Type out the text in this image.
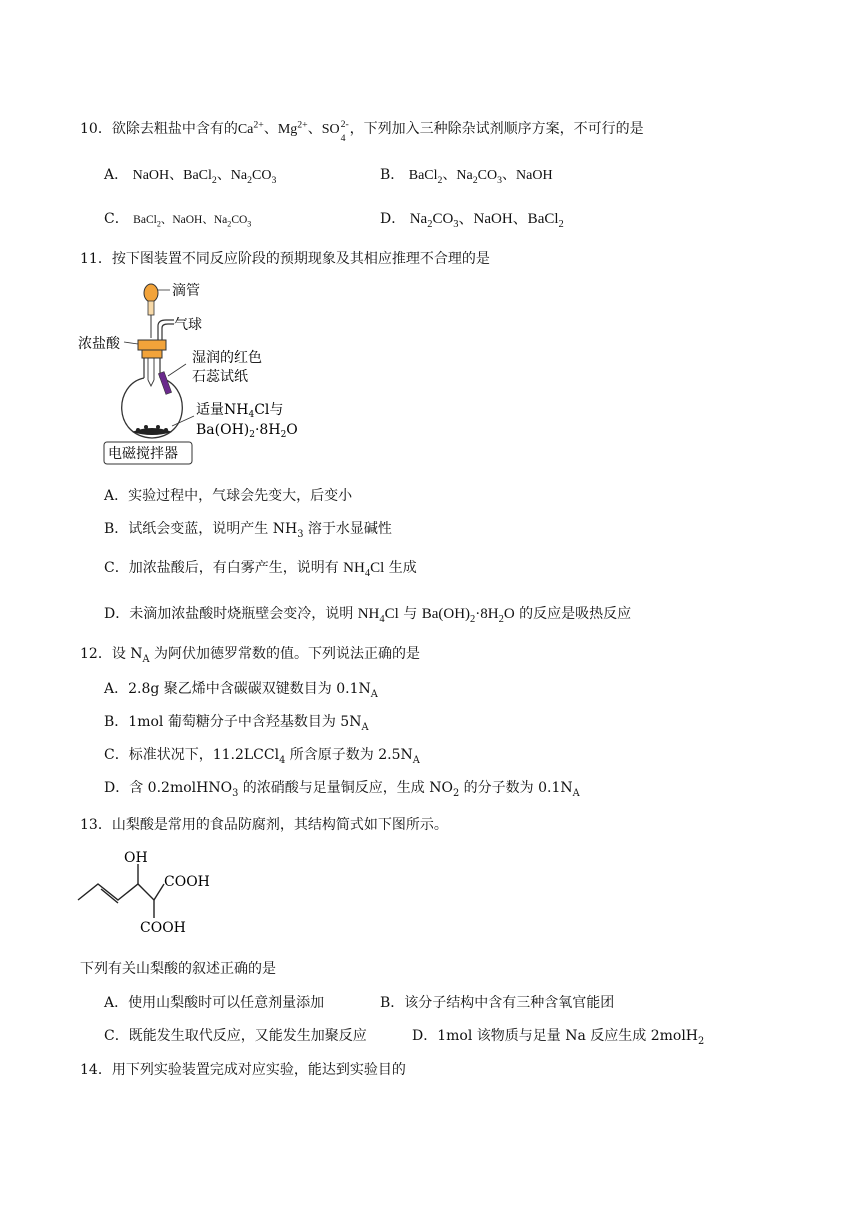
10．欲除去粗盐中含有的$Ca^{2+}$、$Mg^{2+}$、SO 2-
4
，下列加入三种除杂试剂顺序方案，不可行的是
A． NaOH、BaCl$_2$、$Na_2CO_3$	B． BaCl$_2$、$Na_2CO_3$、NaOH
C． BaCl$_2$、NaOH、$Na_2CO_3$	D． $Na_2CO_3$、NaOH、BaCl$_2$
11．按下图装置不同反应阶段的预期现象及其相应推理不合理的是
滴管
气球
浓盐酸
湿润的红色
石蕊试纸
适量$NH_4Cl$与
$Ba(OH)_2\cdot 8H_2O$
电磁搅拌器
A．实验过程中，气球会先变大，后变小
B．试纸会变蓝，说明产生 $NH_3$ 溶于水显碱性
C．加浓盐酸后，有白雾产生，说明有 $NH_4Cl$ 生成
D．未滴加浓盐酸时烧瓶壁会变冷，说明 $NH_4Cl$ 与 $Ba(OH)_2\cdot 8H_2O$ 的反应是吸热反应
12．设 $N_A$ 为阿伏加德罗常数的值。下列说法正确的是
A．2.8g 聚乙烯中含碳碳双键数目为 $0.1N_A$
B．1mol 葡萄糖分子中含羟基数目为 $5N_A$
C．标准状况下，11.2LCCl$_4$ 所含原子数为 $2.5N_A$
D．含 0.2molHNO$_3$ 的浓硝酸与足量铜反应，生成 $NO_2$ 的分子数为 $0.1N_A$
13．山梨酸是常用的食品防腐剂，其结构简式如下图所示。
OH
COOH
COOH
下列有关山梨酸的叙述正确的是
A．使用山梨酸时可以任意剂量添加	B．该分子结构中含有三种含氧官能团
C．既能发生取代反应，又能发生加聚反应	D．1mol 该物质与足量 Na 反应生成 2molH$_2$
14．用下列实验装置完成对应实验，能达到实验目的
